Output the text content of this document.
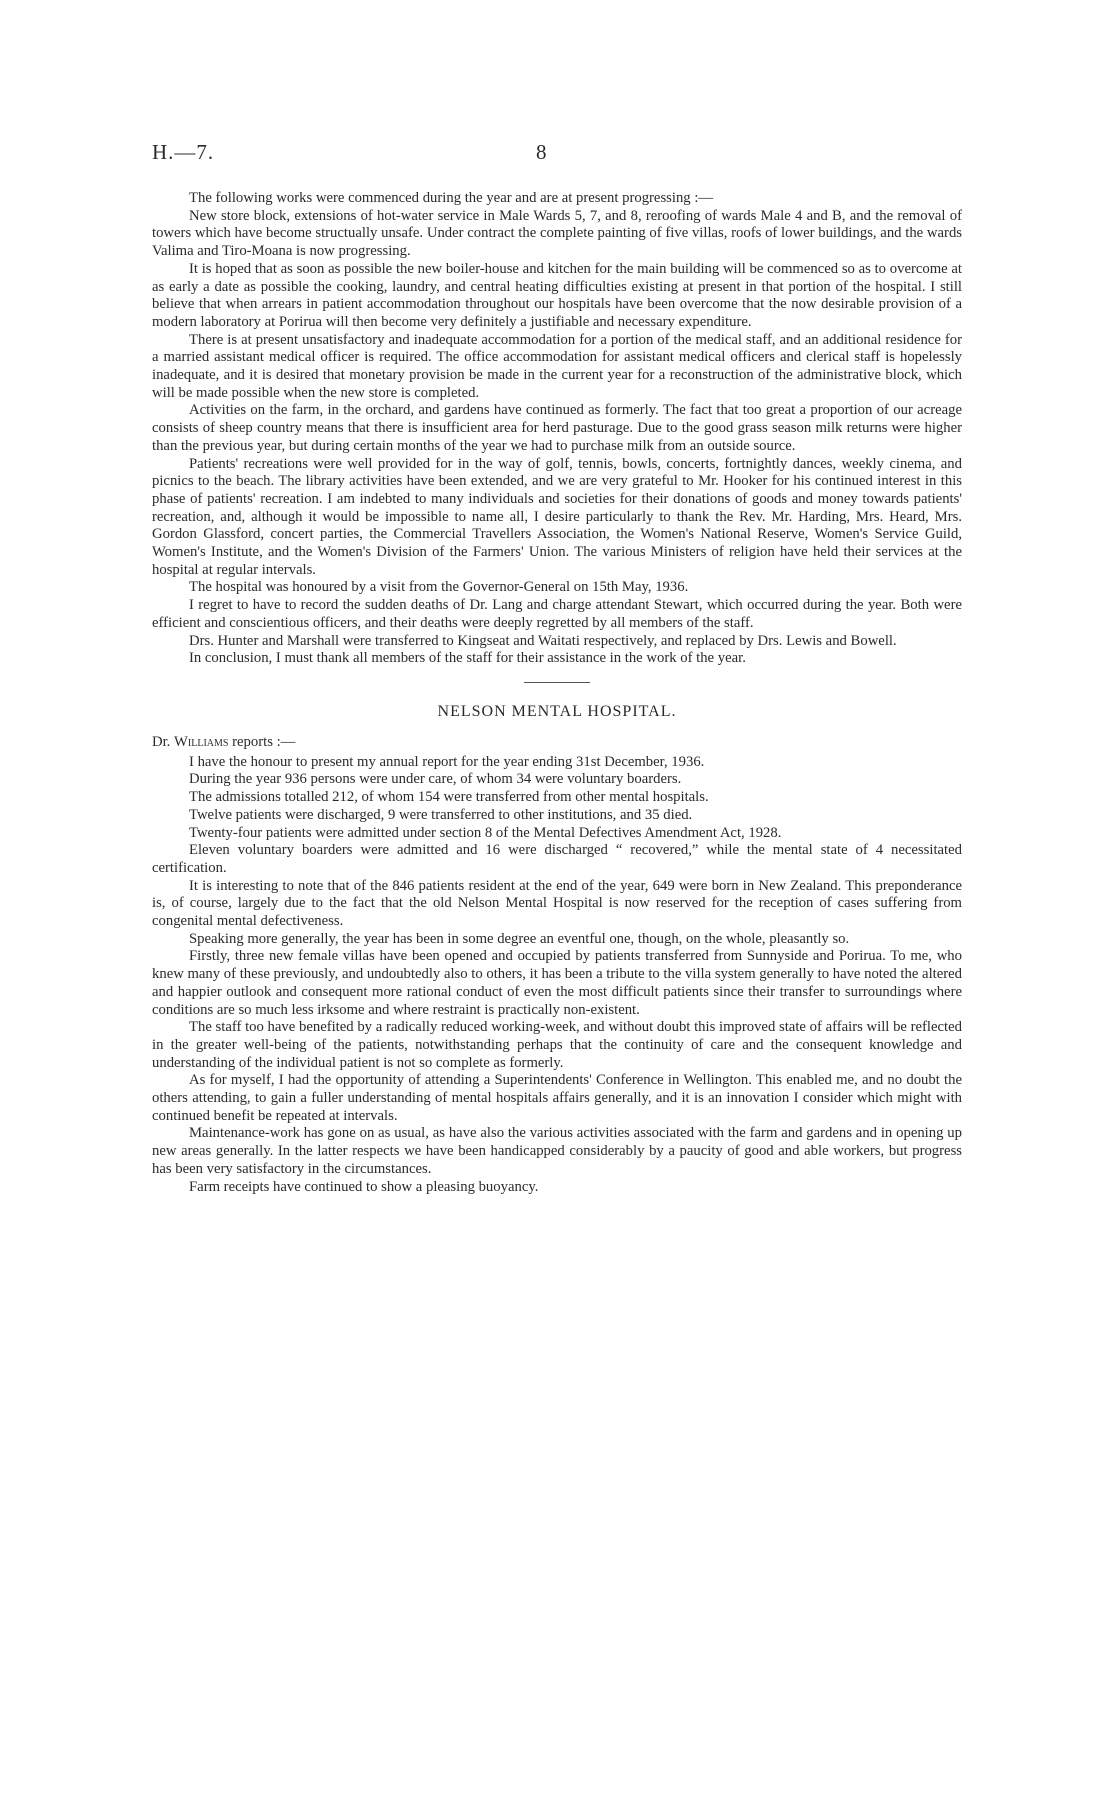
H.—7.	8

The following works were commenced during the year and are at present progressing :—

New store block, extensions of hot-water service in Male Wards 5, 7, and 8, reroofing of wards Male 4 and B, and the removal of towers which have become structually unsafe. Under contract the complete painting of five villas, roofs of lower buildings, and the wards Valima and Tiro-Moana is now progressing.

It is hoped that as soon as possible the new boiler-house and kitchen for the main building will be commenced so as to overcome at as early a date as possible the cooking, laundry, and central heating difficulties existing at present in that portion of the hospital. I still believe that when arrears in patient accommodation throughout our hospitals have been overcome that the now desirable provision of a modern laboratory at Porirua will then become very definitely a justifiable and necessary expenditure.

There is at present unsatisfactory and inadequate accommodation for a portion of the medical staff, and an additional residence for a married assistant medical officer is required. The office accommodation for assistant medical officers and clerical staff is hopelessly inadequate, and it is desired that monetary provision be made in the current year for a reconstruction of the administrative block, which will be made possible when the new store is completed.

Activities on the farm, in the orchard, and gardens have continued as formerly. The fact that too great a proportion of our acreage consists of sheep country means that there is insufficient area for herd pasturage. Due to the good grass season milk returns were higher than the previous year, but during certain months of the year we had to purchase milk from an outside source.

Patients' recreations were well provided for in the way of golf, tennis, bowls, concerts, fortnightly dances, weekly cinema, and picnics to the beach. The library activities have been extended, and we are very grateful to Mr. Hooker for his continued interest in this phase of patients' recreation. I am indebted to many individuals and societies for their donations of goods and money towards patients' recreation, and, although it would be impossible to name all, I desire particularly to thank the Rev. Mr. Harding, Mrs. Heard, Mrs. Gordon Glassford, concert parties, the Commercial Travellers Association, the Women's National Reserve, Women's Service Guild, Women's Institute, and the Women's Division of the Farmers' Union. The various Ministers of religion have held their services at the hospital at regular intervals.

The hospital was honoured by a visit from the Governor-General on 15th May, 1936.

I regret to have to record the sudden deaths of Dr. Lang and charge attendant Stewart, which occurred during the year. Both were efficient and conscientious officers, and their deaths were deeply regretted by all members of the staff.

Drs. Hunter and Marshall were transferred to Kingseat and Waitati respectively, and replaced by Drs. Lewis and Bowell.

In conclusion, I must thank all members of the staff for their assistance in the work of the year.

NELSON MENTAL HOSPITAL.
Dr. Williams reports :—

I have the honour to present my annual report for the year ending 31st December, 1936.

During the year 936 persons were under care, of whom 34 were voluntary boarders.

The admissions totalled 212, of whom 154 were transferred from other mental hospitals.

Twelve patients were discharged, 9 were transferred to other institutions, and 35 died.

Twenty-four patients were admitted under section 8 of the Mental Defectives Amendment Act, 1928.

Eleven voluntary boarders were admitted and 16 were discharged “ recovered,” while the mental state of 4 necessitated certification.

It is interesting to note that of the 846 patients resident at the end of the year, 649 were born in New Zealand. This preponderance is, of course, largely due to the fact that the old Nelson Mental Hospital is now reserved for the reception of cases suffering from congenital mental defectiveness.

Speaking more generally, the year has been in some degree an eventful one, though, on the whole, pleasantly so.

Firstly, three new female villas have been opened and occupied by patients transferred from Sunnyside and Porirua. To me, who knew many of these previously, and undoubtedly also to others, it has been a tribute to the villa system generally to have noted the altered and happier outlook and consequent more rational conduct of even the most difficult patients since their transfer to surroundings where conditions are so much less irksome and where restraint is practically non-existent.

The staff too have benefited by a radically reduced working-week, and without doubt this improved state of affairs will be reflected in the greater well-being of the patients, notwithstanding perhaps that the continuity of care and the consequent knowledge and understanding of the individual patient is not so complete as formerly.

As for myself, I had the opportunity of attending a Superintendents' Conference in Wellington. This enabled me, and no doubt the others attending, to gain a fuller understanding of mental hospitals affairs generally, and it is an innovation I consider which might with continued benefit be repeated at intervals.

Maintenance-work has gone on as usual, as have also the various activities associated with the farm and gardens and in opening up new areas generally. In the latter respects we have been handicapped considerably by a paucity of good and able workers, but progress has been very satisfactory in the circumstances.

Farm receipts have continued to show a pleasing buoyancy.
